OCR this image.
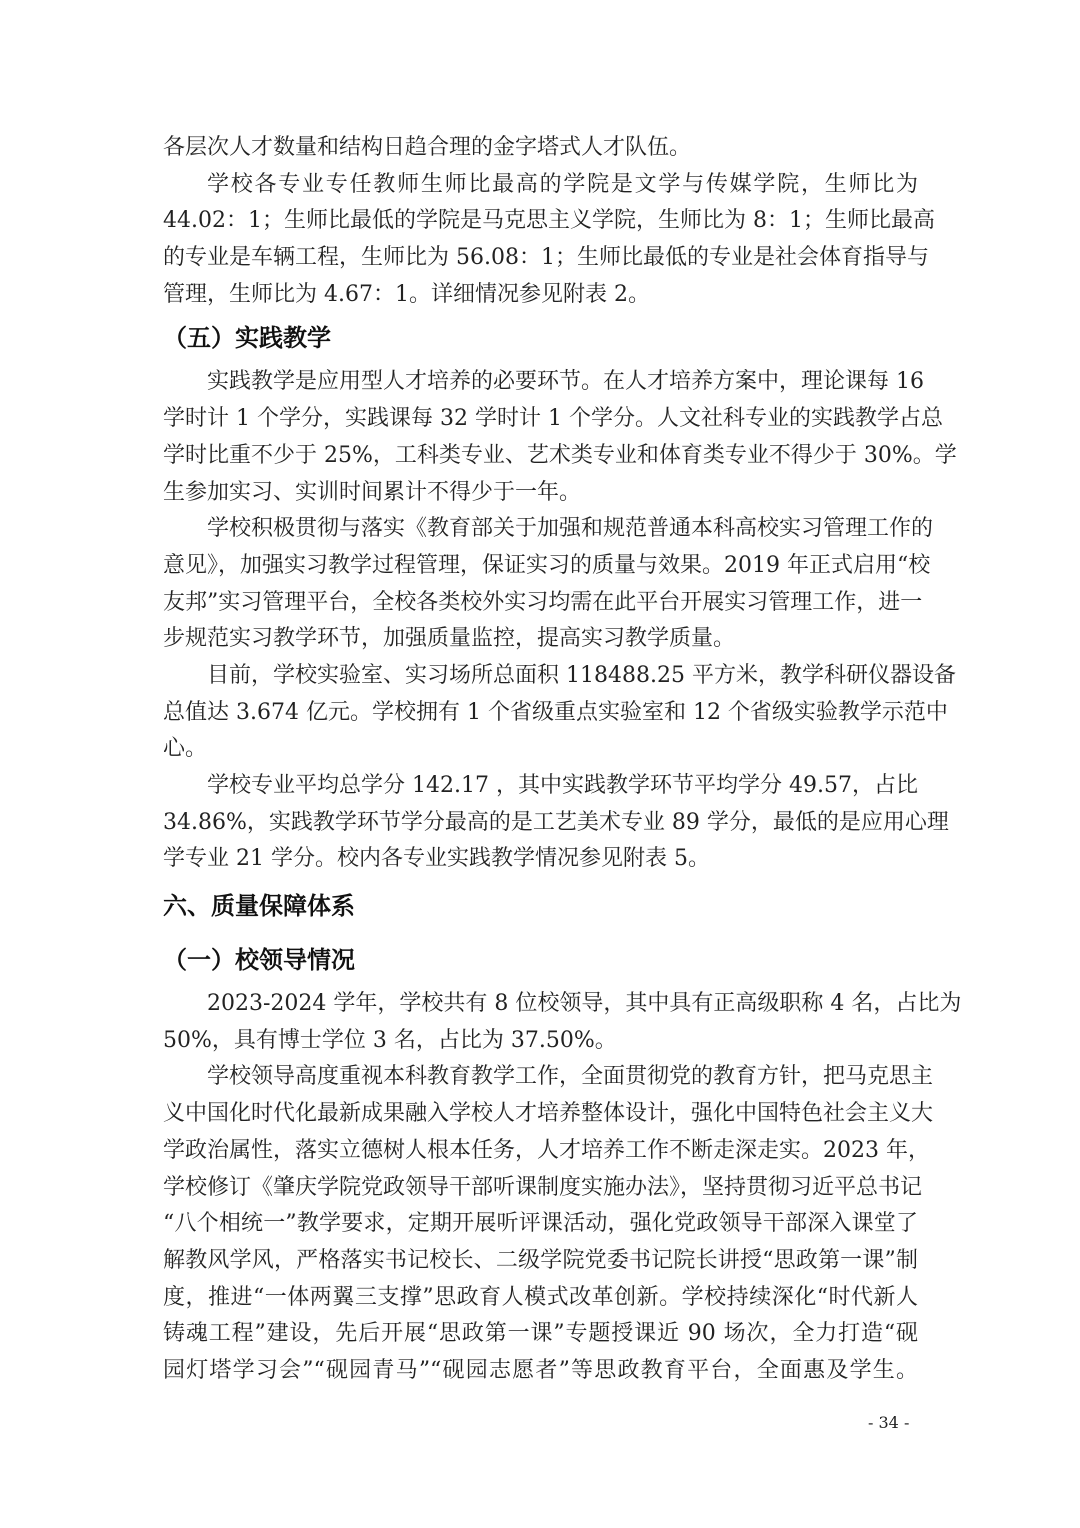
各层次人才数量和结构日趋合理的金字塔式人才队伍。
学校各专业专任教师生师比最高的学院是文学与传媒学院，生师比为
44.02：1；生师比最低的学院是马克思主义学院，生师比为 8：1；生师比最高
的专业是车辆工程，生师比为 56.08：1；生师比最低的专业是社会体育指导与
管理，生师比为 4.67：1。详细情况参见附表 2。
（五）实践教学
实践教学是应用型人才培养的必要环节。在人才培养方案中，理论课每 16
学时计 1 个学分，实践课每 32 学时计 1 个学分。人文社科专业的实践教学占总
学时比重不少于 25%，工科类专业、艺术类专业和体育类专业不得少于 30%。学
生参加实习、实训时间累计不得少于一年。
学校积极贯彻与落实《教育部关于加强和规范普通本科高校实习管理工作的
意见》，加强实习教学过程管理，保证实习的质量与效果。2019 年正式启用“校
友邦”实习管理平台，全校各类校外实习均需在此平台开展实习管理工作，进一
步规范实习教学环节，加强质量监控，提高实习教学质量。
目前，学校实验室、实习场所总面积 118488.25 平方米，教学科研仪器设备
总值达 3.674 亿元。学校拥有 1 个省级重点实验室和 12 个省级实验教学示范中
心。
学校专业平均总学分 142.17 ，其中实践教学环节平均学分 49.57，占比
34.86%，实践教学环节学分最高的是工艺美术专业 89 学分，最低的是应用心理
学专业 21 学分。校内各专业实践教学情况参见附表 5。
六、质量保障体系
（一）校领导情况
2023-2024 学年，学校共有 8 位校领导，其中具有正高级职称 4 名，占比为
50%，具有博士学位 3 名，占比为 37.50%。
学校领导高度重视本科教育教学工作，全面贯彻党的教育方针，把马克思主
义中国化时代化最新成果融入学校人才培养整体设计，强化中国特色社会主义大
学政治属性，落实立德树人根本任务，人才培养工作不断走深走实。2023 年，
学校修订《肇庆学院党政领导干部听课制度实施办法》，坚持贯彻习近平总书记
“八个相统一”教学要求，定期开展听评课活动，强化党政领导干部深入课堂了
解教风学风，严格落实书记校长、二级学院党委书记院长讲授“思政第一课”制
度，推进“一体两翼三支撑”思政育人模式改革创新。学校持续深化“时代新人
铸魂工程”建设，先后开展“思政第一课”专题授课近 90 场次，全力打造“砚
园灯塔学习会”“砚园青马”“砚园志愿者”等思政教育平台，全面惠及学生。
- 34 -
